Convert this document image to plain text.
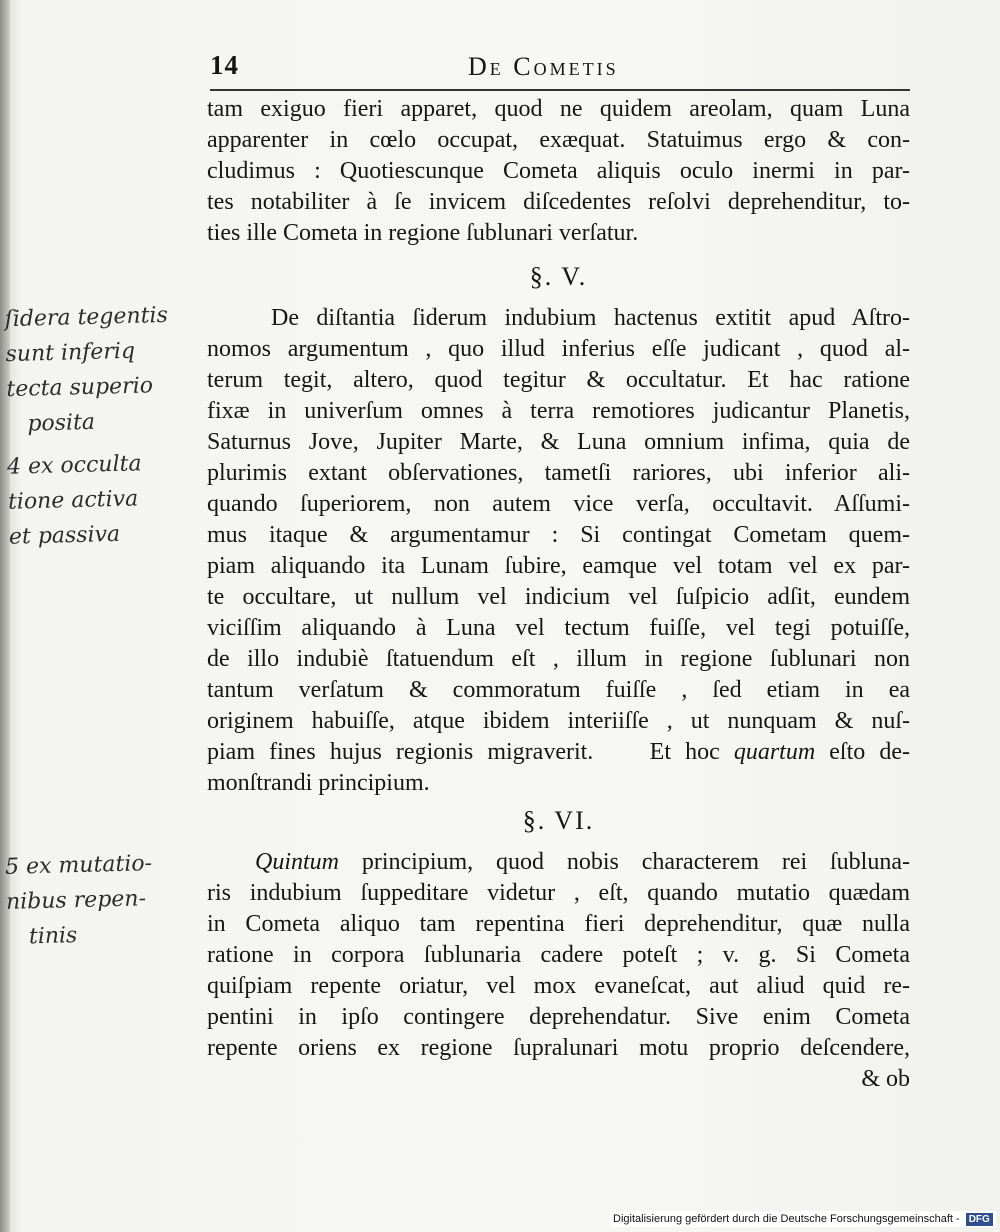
14	De Cometis
tam exiguo fieri apparet, quod ne quidem areolam, quam Luna
apparenter in cœlo occupat, exæquat. Statuimus ergo & con-
cludimus : Quotiescunque Cometa aliquis oculo inermi in par-
tes notabiliter à ſe invicem diſcedentes reſolvi deprehenditur, to-
ties ille Cometa in regione ſublunari verſatur.
§. V.
De diſtantia ſiderum indubium hactenus extitit apud Aſtro-
nomos argumentum , quo illud inferius eſſe judicant , quod al-
terum tegit, altero, quod tegitur & occultatur. Et hac ratione
fixæ in univerſum omnes à terra remotiores judicantur Planetis,
Saturnus Jove, Jupiter Marte, & Luna omnium infima, quia de
plurimis extant obſervationes, tametſi rariores, ubi inferior ali-
quando ſuperiorem, non autem vice verſa, occultavit. Aſſumi-
mus itaque & argumentamur : Si contingat Cometam quem-
piam aliquando ita Lunam ſubire, eamque vel totam vel ex par-
te occultare, ut nullum vel indicium vel ſuſpicio adſit, eundem
viciſſim aliquando à Luna vel tectum fuiſſe, vel tegi potuiſſe,
de illo indubiè ſtatuendum eſt , illum in regione ſublunari non
tantum verſatum & commoratum fuiſſe , ſed etiam in ea
originem habuiſſe, atque ibidem interiiſſe , ut nunquam & nuſ-
piam fines hujus regionis migraverit. Et hoc quartum eſto de-
monſtrandi principium.
§. VI.
Quintum principium, quod nobis characterem rei ſubluna-
ris indubium ſuppeditare videtur , eſt, quando mutatio quædam
in Cometa aliquo tam repentina fieri deprehenditur, quæ nulla
ratione in corpora ſublunaria cadere poteſt ; v. g. Si Cometa
quiſpiam repente oriatur, vel mox evaneſcat, aut aliud quid re-
pentini in ipſo contingere deprehendatur. Sive enim Cometa
repente oriens ex regione ſupralunari motu proprio deſcendere,
& ob
ſidera tegentis
sunt inferiq
tecta superio
posita
4 ex occulta
tione activa
et passiva
5 ex mutatio-
nibus repen-
tinis
Digitalisierung gefördert durch die Deutsche Forschungsgemeinschaft - DFG
